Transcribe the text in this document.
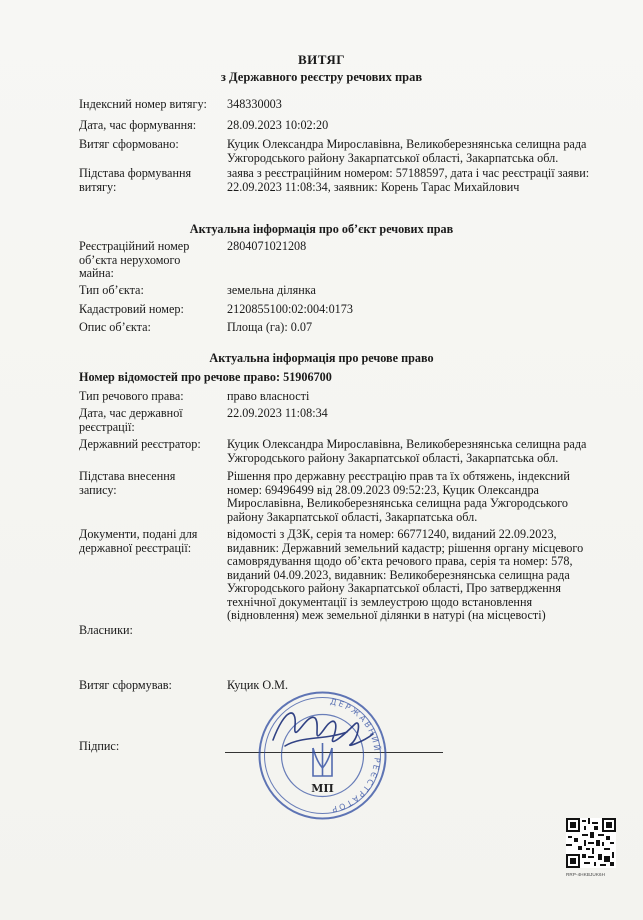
ВИТЯГ
з Державного реєстру речових прав
Індексний номер витягу:	348330003
Дата, час формування:	28.09.2023 10:02:20
Витяг сформовано:	Куцик Олександра Мирославівна, Великоберезнянська селищна рада
Ужгородського району Закарпатської області, Закарпатська обл.
Підстава формування
витягу:
заява з реєстраційним номером: 57188597, дата і час реєстрації заяви:
22.09.2023 11:08:34, заявник: Корень Тарас Михайлович
Актуальна інформація про об’єкт речових прав
Реєстраційний номер
об’єкта нерухомого
майна:
2804071021208
Тип об’єкта:	земельна ділянка
Кадастровий номер:	2120855100:02:004:0173
Опис об’єкта:	Площа (га): 0.07
Актуальна інформація про речове право
Номер відомостей про речове право: 51906700
Тип речового права:	право власності
Дата, час державної
реєстрації:
22.09.2023 11:08:34
Державний реєстратор:	Куцик Олександра Мирославівна, Великоберезнянська селищна рада
Ужгородського району Закарпатської області, Закарпатська обл.
Підстава внесення
запису:
Рішення про державну реєстрацію прав та їх обтяжень, індексний
номер: 69496499 від 28.09.2023 09:52:23, Куцик Олександра
Мирославівна, Великоберезнянська селищна рада Ужгородського
району Закарпатської області, Закарпатська обл.
Документи, подані для
державної реєстрації:
відомості з ДЗК, серія та номер: 66771240, виданий 22.09.2023,
видавник: Державний земельний кадастр; рішення органу місцевого
самоврядування щодо об’єкта речового права, серія та номер: 578,
виданий 04.09.2023, видавник: Великоберезнянська селищна рада
Ужгородського району Закарпатської області, Про затвердження
технічної документації із землеустрою щодо встановлення
(відновлення) меж земельної ділянки в натурі (на місцевості)
Власники:
Витяг сформував:	Куцик О.М.
Підпис:
ДЕРЖАВНИЙ РЕЄСТРАТОР
МП
RRP-4HKBJUK6H
